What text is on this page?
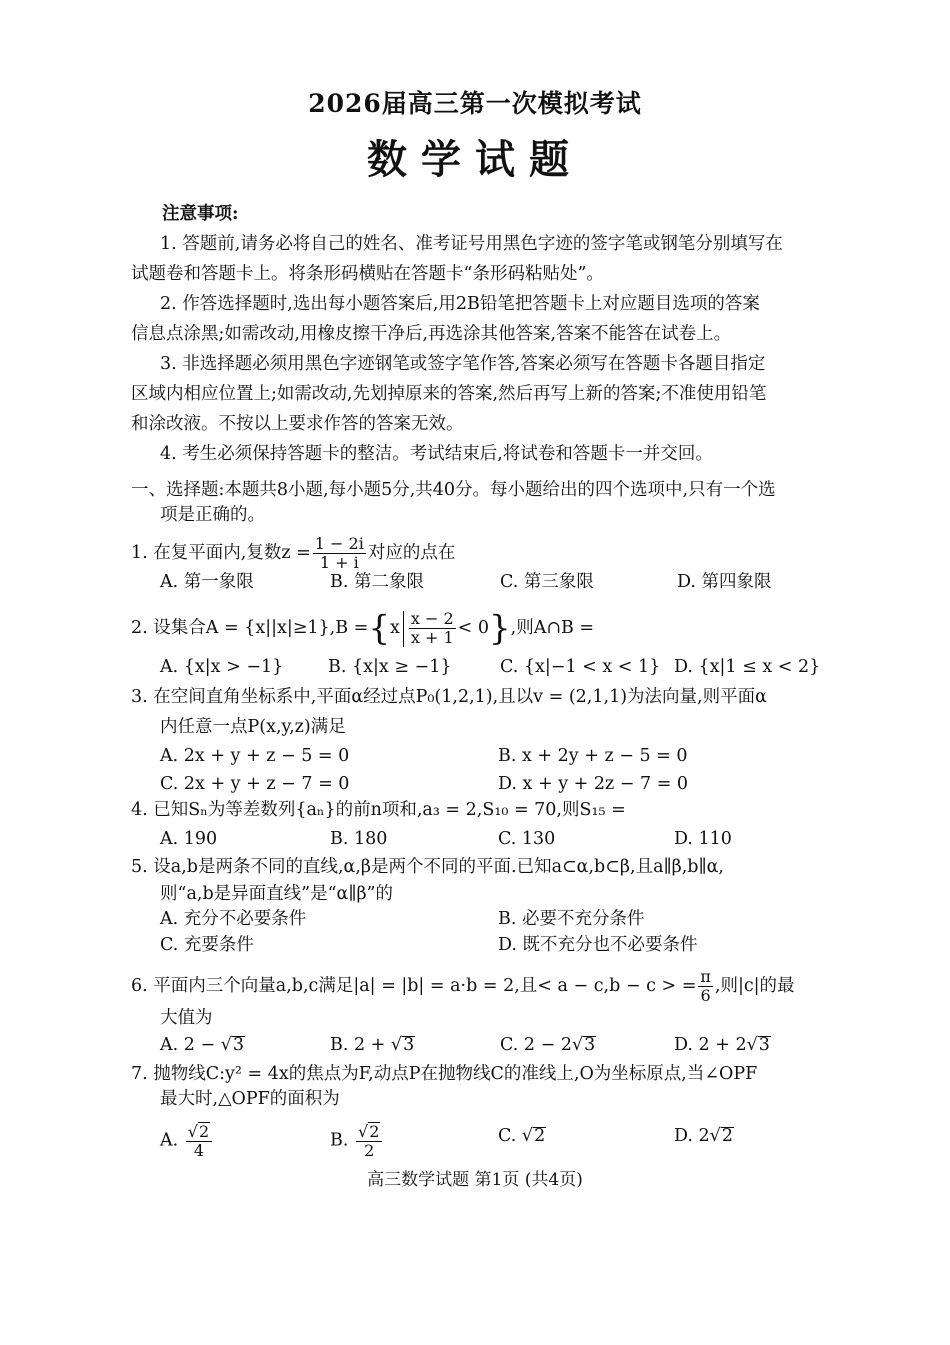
2026届高三第一次模拟考试
数学试题
注意事项:
1. 答题前,请务必将自己的姓名、准考证号用黑色字迹的签字笔或钢笔分别填写在
试题卷和答题卡上。将条形码横贴在答题卡“条形码粘贴处”。
2. 作答选择题时,选出每小题答案后,用2B铅笔把答题卡上对应题目选项的答案
信息点涂黑;如需改动,用橡皮擦干净后,再选涂其他答案,答案不能答在试卷上。
3. 非选择题必须用黑色字迹钢笔或签字笔作答,答案必须写在答题卡各题目指定
区域内相应位置上;如需改动,先划掉原来的答案,然后再写上新的答案;不准使用铅笔
和涂改液。不按以上要求作答的答案无效。
4. 考生必须保持答题卡的整洁。考试结束后,将试卷和答题卡一并交回。
一、选择题:本题共8小题,每小题5分,共40分。每小题给出的四个选项中,只有一个选
项是正确的。
1. 在复平面内,复数$z = \frac{1 - 2i}{1 + i}$ 对应的点在
A. 第一象限	B. 第二象限	C. 第三象限	D. 第四象限
2. 设集合$A = \{x||x|\ge 1\},B =\{x \frac{x - 2}{x + 1} < 0\}$,则A∩B =
A. {x|x > −1}	B. {x|x ≥ −1}	C. {x|−1 < x < 1} D. {x|1 ≤ x < 2}
3. 在空间直角坐标系中,平面α经过点P₀(1,2,1),且以v = (2,1,1)为法向量,则平面α
内任意一点P(x,y,z)满足
A. 2x + y + z − 5 = 0	B. x + 2y + z − 5 = 0
C. 2x + y + z − 7 = 0	D. x + y + 2z − 7 = 0
4. 已知Sₙ为等差数列{aₙ}的前n项和,a₃ = 2,S₁₀ = 70,则S₁₅ =
A. 190	B. 180	C. 130	D. 110
5. 设a,b是两条不同的直线,α,β是两个不同的平面.已知a⊂α,b⊂β,且a∥β,b∥α,
则“a,b是异面直线”是“α∥β”的
A. 充分不必要条件	B. 必要不充分条件
C. 充要条件	D. 既不充分也不必要条件
6. 平面内三个向量a,b,c满足|a| = |b| = a·b = 2,且< a − c,b − c > = $\frac{\pi}{6}$ ,则|c|的最
大值为
A. 2 − √3	B. 2 + √3	C. 2 − 2√3	D. 2 + 2√3
7. 抛物线C:y² = 4x的焦点为F,动点P在抛物线C的准线上,O为坐标原点,当∠OPF
最大时,△OPF的面积为
A. $\frac{√2}{4}$	B. $\frac{√2}{2}$	C. √2	D. 2√2
高三数学试题 第1页 (共4页)
